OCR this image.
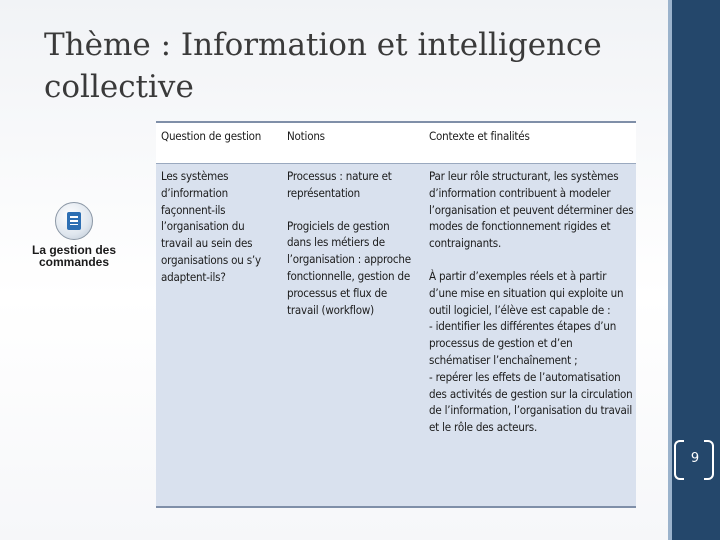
Thème : Information et intelligence
collective
La gestion des
commandes
Question de gestion	Notions	Contexte et finalités
Les systèmes d’information façonnent-ils l’organisation du travail au sein des organisations ou s’y adaptent-ils?
Processus : nature et représentation
Progiciels de gestion dans les métiers de l’organisation : approche fonctionnelle, gestion de processus et flux de travail (workflow)
Par leur rôle structurant, les systèmes d’information contribuent à modeler l’organisation et peuvent déterminer des modes de fonctionnement rigides et contraignants.
À partir d’exemples réels et à partir d’une mise en situation qui exploite un outil logiciel, l’élève est capable de :
- identifier les différentes étapes d’un processus de gestion et d’en schématiser l’enchaînement ;
- repérer les effets de l’automatisation des activités de gestion sur la circulation de l’information, l’organisation du travail et le rôle des acteurs.
9
